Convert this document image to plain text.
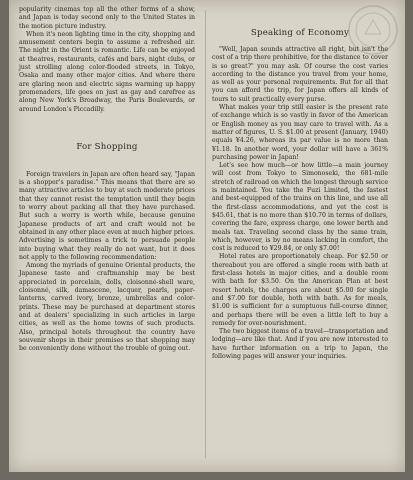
popularity cinemas top all the other forms of a show, and Japan is today second only to the United States in the motion picture industry.

When it's neon lighting time in the city, shopping and amusement centers begin to assume a refreshed air. The night in the Orient is romantic. Life can be enjoyed at theatres, restaurants, cafés and bars, night clubs, or just strolling along color-flooded streets, in Tokyo, Osaka and many other major cities. And where there are glaring neon and electric signs warming up happy promenaders, life goes on just as gay and carefree as along New York's Broadway, the Paris Boulevards, or around London's Piccadilly.

For Shopping

Foreign travelers in Japan are often heard say, "Japan is a shopper's paradise." This means that there are so many attractive articles to buy at such moderate prices that they cannot resist the temptation until they begin to worry about packing all that they have purchased. But such a worry is worth while, because genuine Japanese products of art and craft would not be obtained in any other place even at much higher prices. Advertising is sometimes a trick to persuade people into buying what they really do not want, but it does not apply to the following recommendation:

Among the myriads of genuine Oriental products, the Japanese taste and craftmanship may be best appreciated in porcelain, dolls, cloisonné-shell ware, cloisonné, silk, damascene, lacquer, pearls, paper-lanterns, carved ivory, bronze, umbrellas and color-prints. These may be purchased at department stores and at dealers' specializing in such articles in large cities, as well as the home towns of such products. Also, principal hotels throughout the country have souvenir shops in their premises so that shopping may be conveniently done without the trouble of going out.

Speaking of Economy

"Well, Japan sounds attractive all right, but isn't the cost of a trip there prohibitive, for the distance to cover is so great?" you may ask. Of course the cost varies according to the distance you travel from your home, as well as your personal requirements. But for all that you can afford the trip, for Japan offers all kinds of tours to suit practically every purse.

What makes your trip still easier is the present rate of exchange which is so vastly in favor of the American or English money as you may care to travel with. As a matter of figures, U. S. $1.00 at present (January, 1940) equals ¥4.26, whereas its par value is no more than ¥1.18. In another word, your dollar will have a 361% purchasing power in Japan!

Let's see how much—or how little—a main journey will cost from Tokyo to Simonoseki, the 681-mile stretch of railroad on which the longest through service is maintained. You take the Fuzi Limited, the fastest and best-equipped of the trains on this line, and use all the first-class accommodations, and yet the cost is $45.61, that is no more than $10.70 in terms of dollars, covering the fare, express charge, one lower berth and meals tax. Traveling second class by the same train, which, however, is by no means lacking in comfort, the cost is reduced to ¥29.84, or only $7.00!

Hotel rates are proportionately cheap. For $2.50 or thereabout you are offered a single room with bath at first-class hotels in major cities, and a double room with bath for $3.50. On the American Plan at best resort hotels, the charges are about $5.00 for single and $7.00 for double, both with bath. As for meals, $1.00 is sufficient for a sumptuous full-course dinner, and perhaps there will be even a little left to buy a remedy for over-nourishment.

The two biggest items of a travel—transportation and lodging—are like that. And if you are now interested to have further information on a trip to Japan, the following pages will answer your inquiries.
